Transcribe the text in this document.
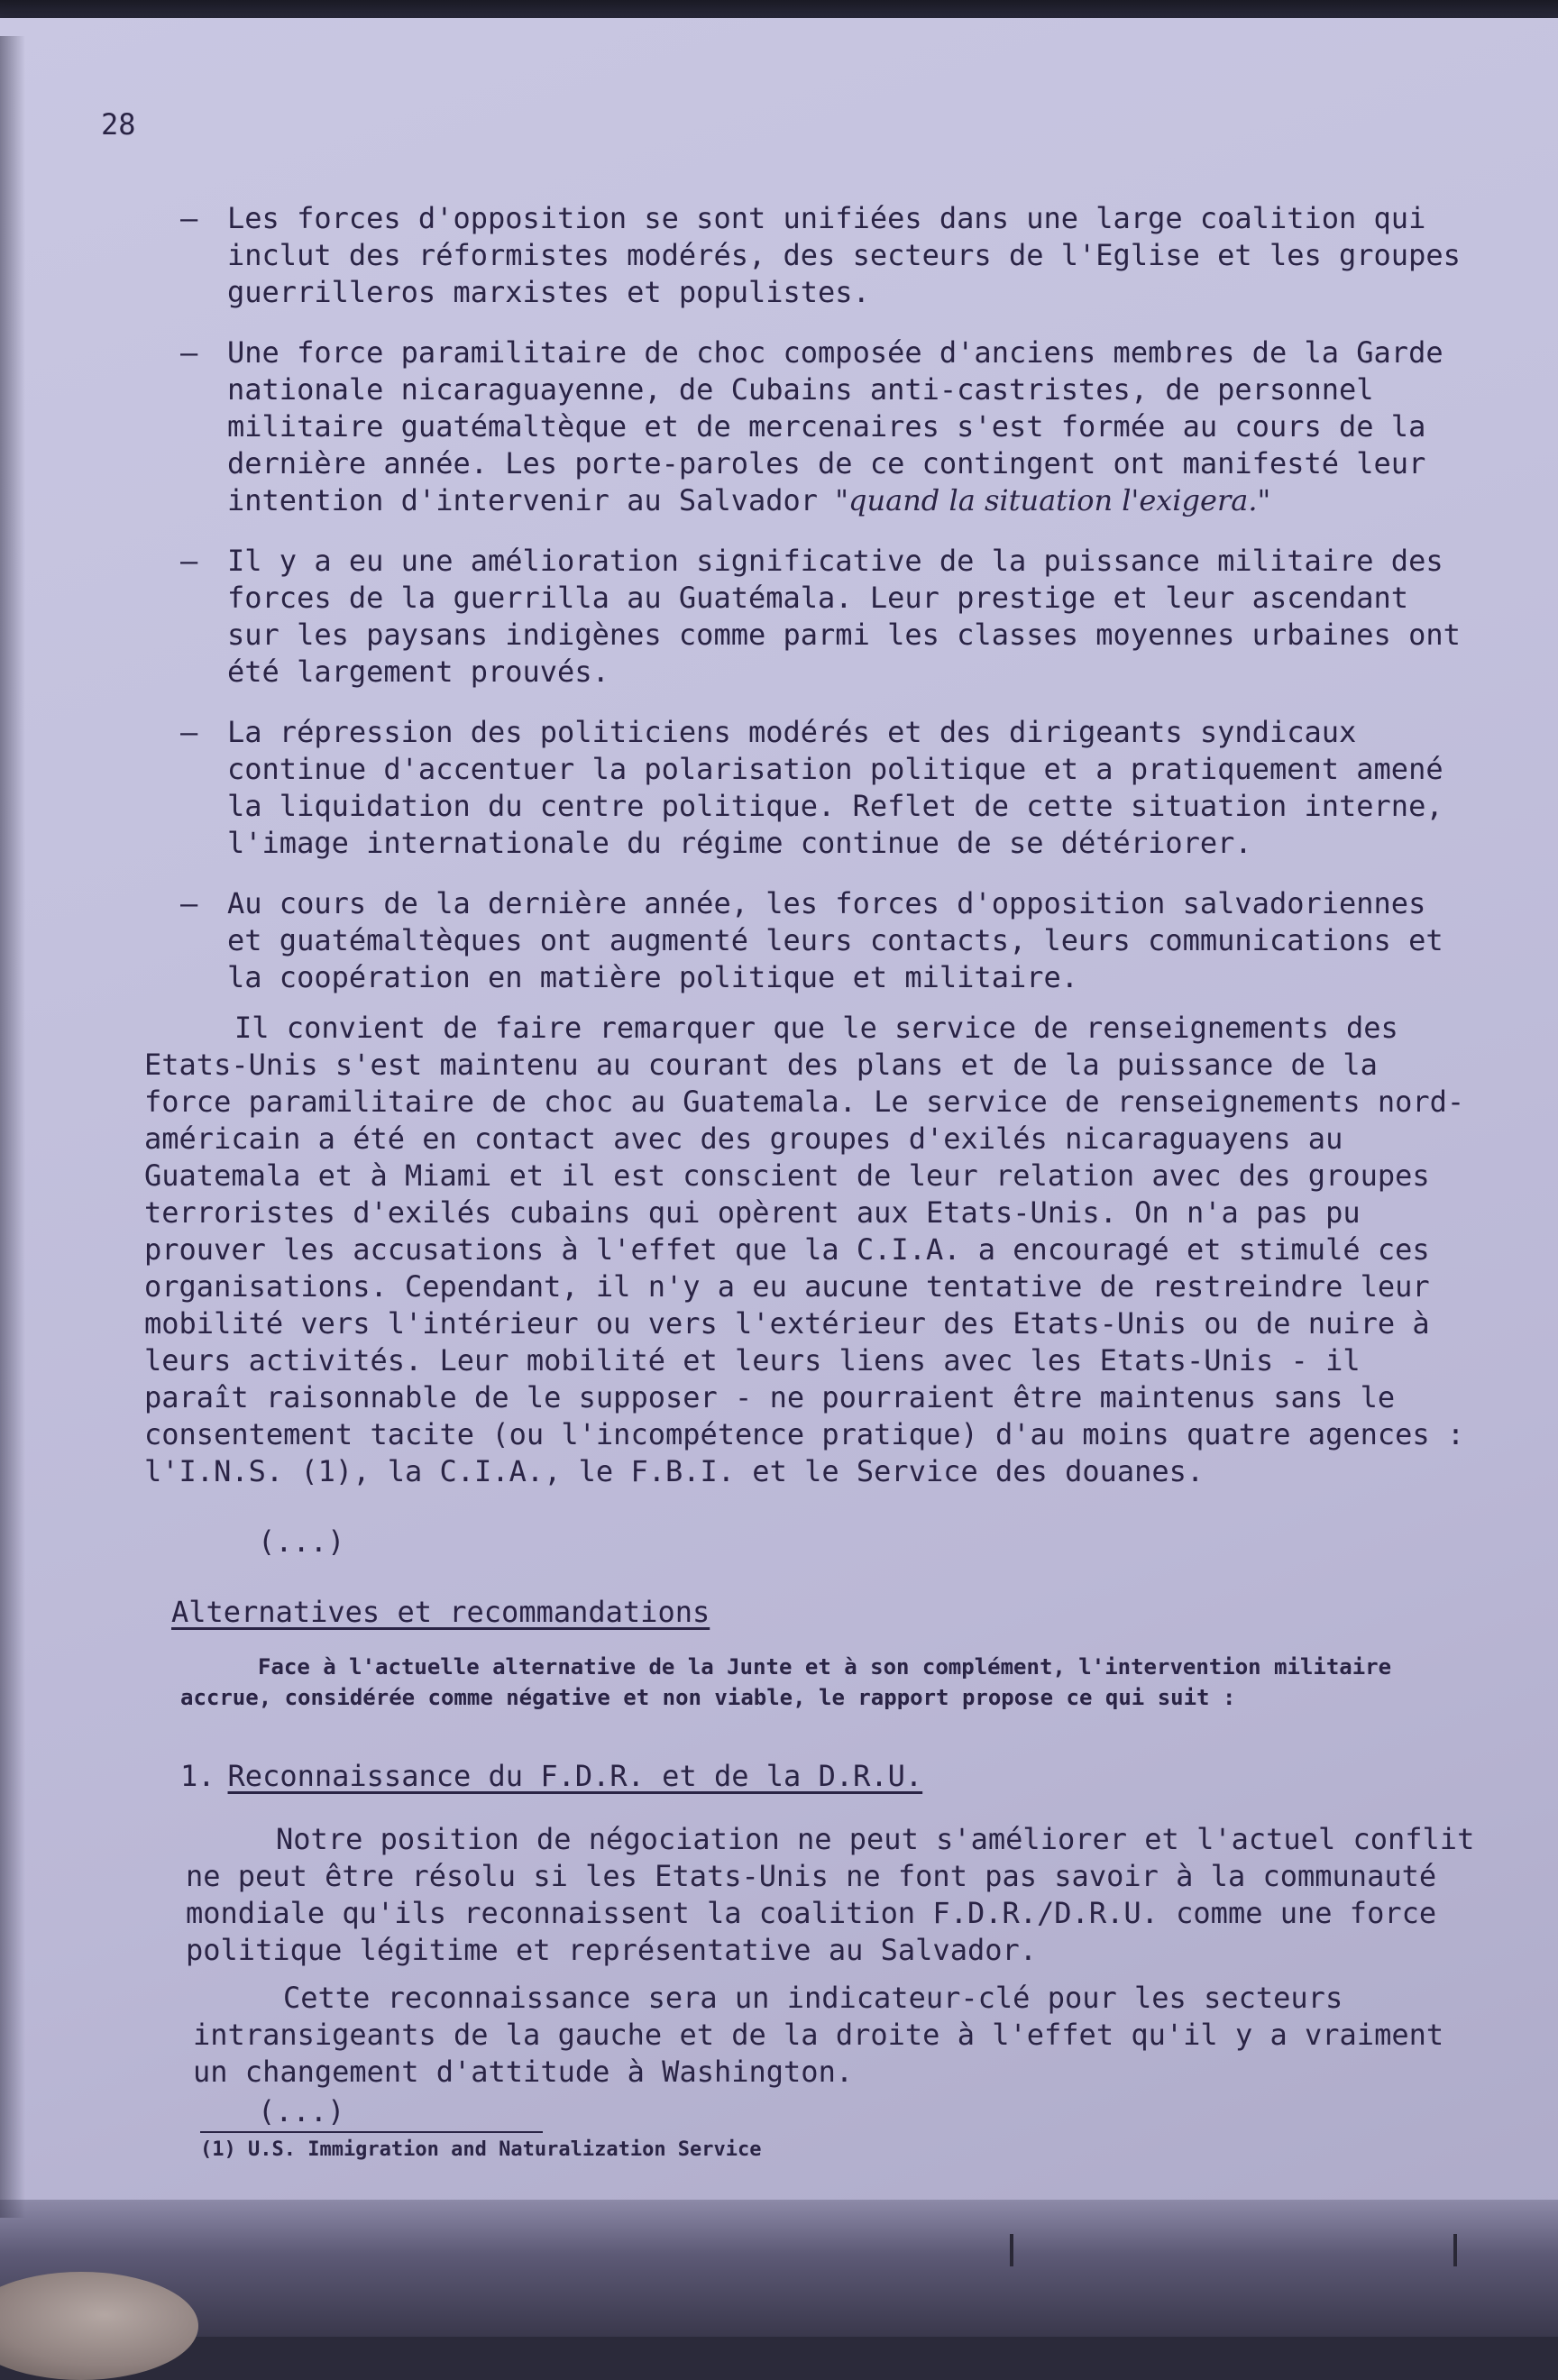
28

– Les forces d'opposition se sont unifiées dans une large coalition qui inclut des réformistes modérés, des secteurs de l'Eglise et les groupes guerrilleros marxistes et populistes.
– Une force paramilitaire de choc composée d'anciens membres de la Garde nationale nicaraguayenne, de Cubains anti-castristes, de personnel militaire guatémaltèque et de mercenaires s'est formée au cours de la dernière année. Les porte-paroles de ce contingent ont manifesté leur intention d'intervenir au Salvador "quand la situation l'exigera."
– Il y a eu une amélioration significative de la puissance militaire des forces de la guerrilla au Guatémala. Leur prestige et leur ascendant sur les paysans indigènes comme parmi les classes moyennes urbaines ont été largement prouvés.
– La répression des politiciens modérés et des dirigeants syndicaux continue d'accentuer la polarisation politique et a pratiquement amené la liquidation du centre politique. Reflet de cette situation interne, l'image internationale du régime continue de se détériorer.
– Au cours de la dernière année, les forces d'opposition salvadoriennes et guatémaltèques ont augmenté leurs contacts, leurs communications et la coopération en matière politique et militaire.

Il convient de faire remarquer que le service de renseignements des Etats-Unis s'est maintenu au courant des plans et de la puissance de la force paramilitaire de choc au Guatemala. Le service de renseignements nord-américain a été en contact avec des groupes d'exilés nicaraguayens au Guatemala et à Miami et il est conscient de leur relation avec des groupes terroristes d'exilés cubains qui opèrent aux Etats-Unis. On n'a pas pu prouver les accusations à l'effet que la C.I.A. a encouragé et stimulé ces organisations. Cependant, il n'y a eu aucune tentative de restreindre leur mobilité vers l'intérieur ou vers l'extérieur des Etats-Unis ou de nuire à leurs activités. Leur mobilité et leurs liens avec les Etats-Unis - il paraît raisonnable de le supposer - ne pourraient être maintenus sans le consentement tacite (ou l'incompétence pratique) d'au moins quatre agences : l'I.N.S. (1), la C.I.A., le F.B.I. et le Service des douanes.

(...)

Alternatives et recommandations

Face à l'actuelle alternative de la Junte et à son complément, l'intervention militaire accrue, considérée comme négative et non viable, le rapport propose ce qui suit :

1. Reconnaissance du F.D.R. et de la D.R.U.

Notre position de négociation ne peut s'améliorer et l'actuel conflit ne peut être résolu si les Etats-Unis ne font pas savoir à la communauté mondiale qu'ils reconnaissent la coalition F.D.R./D.R.U. comme une force politique légitime et représentative au Salvador.

Cette reconnaissance sera un indicateur-clé pour les secteurs intransigeants de la gauche et de la droite à l'effet qu'il y a vraiment un changement d'attitude à Washington.

(...)

(1) U.S. Immigration and Naturalization Service
